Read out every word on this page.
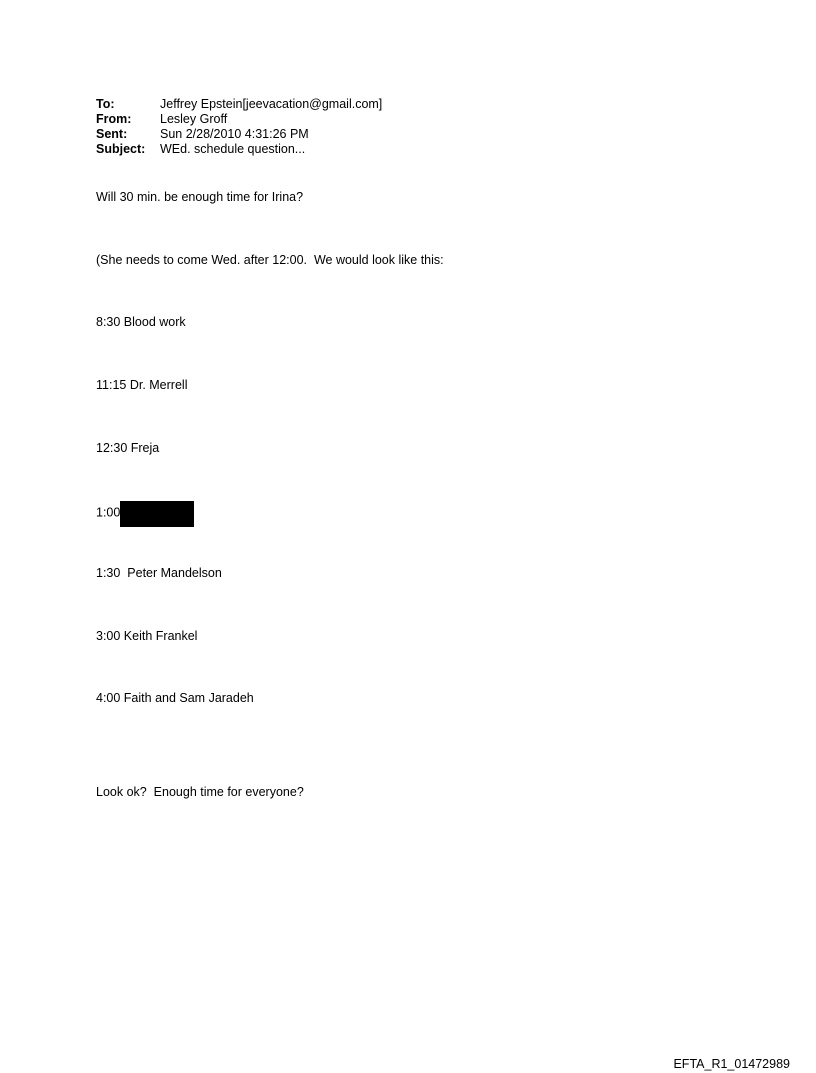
To:	Jeffrey Epstein[jeevacation@gmail.com]
From:	Lesley Groff
Sent:	Sun 2/28/2010 4:31:26 PM
Subject:	WEd. schedule question...
Will 30 min. be enough time for Irina?
(She needs to come Wed. after 12:00.  We would look like this:
8:30 Blood work
11:15 Dr. Merrell
12:30 Freja
1:00
1:30  Peter Mandelson
3:00 Keith Frankel
4:00 Faith and Sam Jaradeh
Look ok?  Enough time for everyone?
EFTA_R1_01472989
